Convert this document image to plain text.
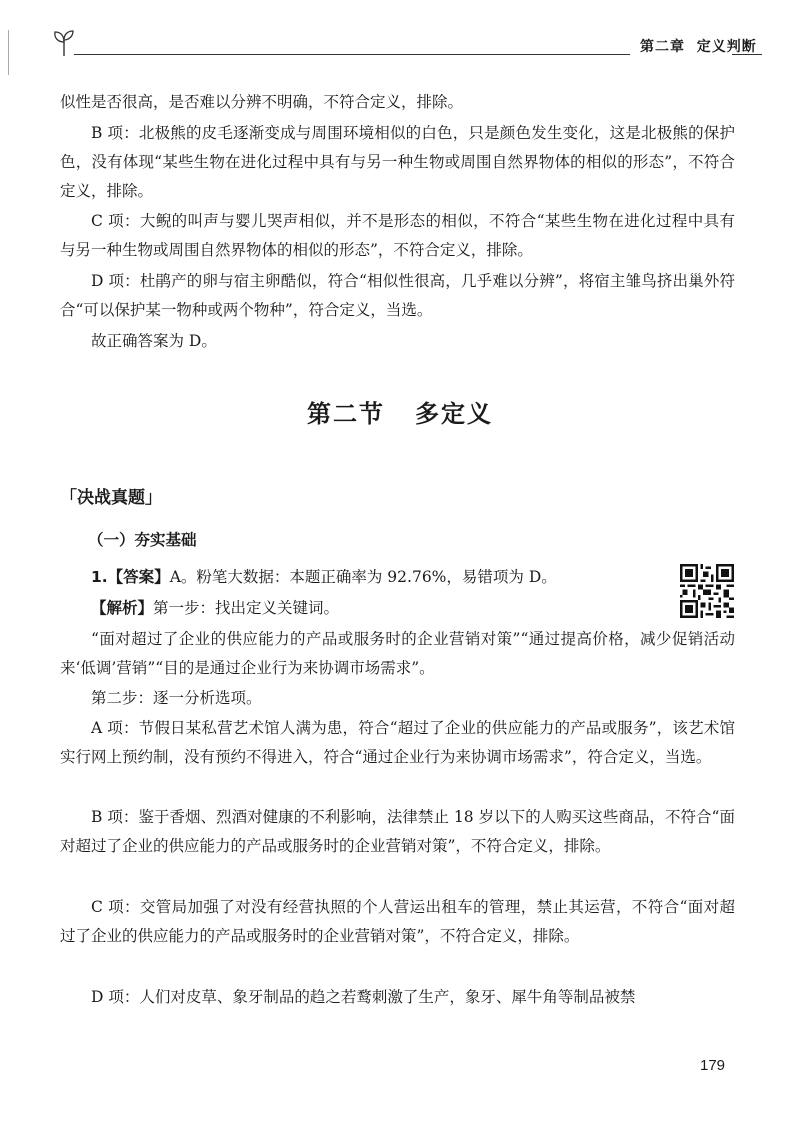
第二章 定义判断

似性是否很高，是否难以分辨不明确，不符合定义，排除。

B 项：北极熊的皮毛逐渐变成与周围环境相似的白色，只是颜色发生变化，这是北极熊的保护色，没有体现“某些生物在进化过程中具有与另一种生物或周围自然界物体的相似的形态”，不符合定义，排除。

C 项：大鲵的叫声与婴儿哭声相似，并不是形态的相似，不符合“某些生物在进化过程中具有与另一种生物或周围自然界物体的相似的形态”，不符合定义，排除。

D 项：杜鹃产的卵与宿主卵酷似，符合“相似性很高，几乎难以分辨”，将宿主雏鸟挤出巢外符合“可以保护某一物种或两个物种”，符合定义，当选。

故正确答案为 D。

第二节 多定义
「决战真题」
（一）夯实基础

1.【答案】A。粉笔大数据：本题正确率为 92.76%，易错项为 D。

【解析】第一步：找出定义关键词。

“面对超过了企业的供应能力的产品或服务时的企业营销对策”“通过提高价格，减少促销活动来‘低调’营销”“目的是通过企业行为来协调市场需求”。

第二步：逐一分析选项。

A 项：节假日某私营艺术馆人满为患，符合“超过了企业的供应能力的产品或服务”，该艺术馆实行网上预约制，没有预约不得进入，符合“通过企业行为来协调市场需求”，符合定义，当选。

B 项：鉴于香烟、烈酒对健康的不利影响，法律禁止 18 岁以下的人购买这些商品，不符合“面对超过了企业的供应能力的产品或服务时的企业营销对策”，不符合定义，排除。

C 项：交管局加强了对没有经营执照的个人营运出租车的管理，禁止其运营，不符合“面对超过了企业的供应能力的产品或服务时的企业营销对策”，不符合定义，排除。

D 项：人们对皮草、象牙制品的趋之若鹜刺激了生产，象牙、犀牛角等制品被禁

179
